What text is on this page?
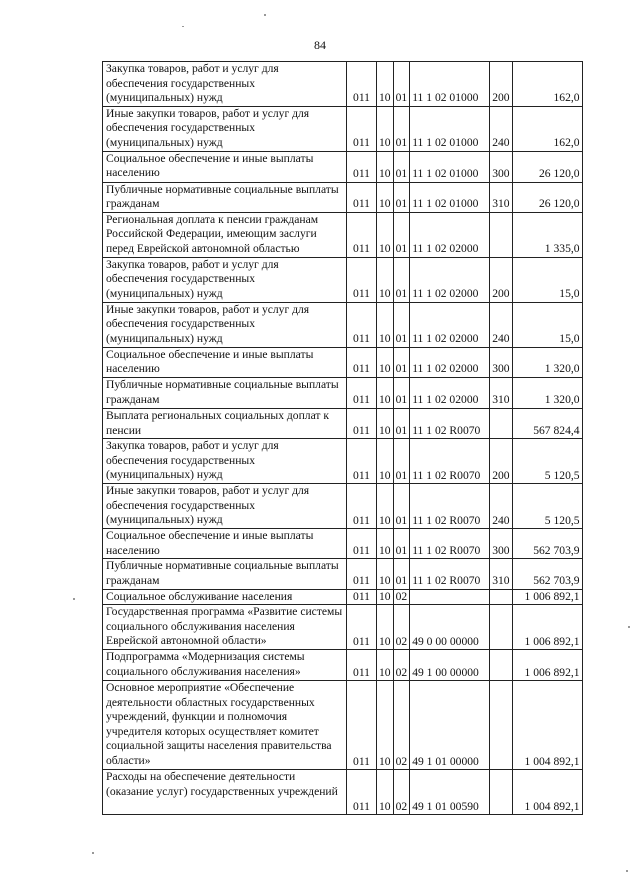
84
Закупка товаров, работ и услуг для обеспечения государственных (муниципальных) нужд	011	10	01	11 1 02 01000	200	162,0
Иные закупки товаров, работ и услуг для обеспечения государственных (муниципальных) нужд	011	10	01	11 1 02 01000	240	162,0
Социальное обеспечение и иные выплаты населению	011	10	01	11 1 02 01000	300	26 120,0
Публичные нормативные социальные выплаты гражданам	011	10	01	11 1 02 01000	310	26 120,0
Региональная доплата к пенсии гражданам Российской Федерации, имеющим заслуги перед Еврейской автономной областью	011	10	01	11 1 02 02000		1 335,0
Закупка товаров, работ и услуг для обеспечения государственных (муниципальных) нужд	011	10	01	11 1 02 02000	200	15,0
Иные закупки товаров, работ и услуг для обеспечения государственных (муниципальных) нужд	011	10	01	11 1 02 02000	240	15,0
Социальное обеспечение и иные выплаты населению	011	10	01	11 1 02 02000	300	1 320,0
Публичные нормативные социальные выплаты гражданам	011	10	01	11 1 02 02000	310	1 320,0
Выплата региональных социальных доплат к пенсии	011	10	01	11 1 02 R0070		567 824,4
Закупка товаров, работ и услуг для обеспечения государственных (муниципальных) нужд	011	10	01	11 1 02 R0070	200	5 120,5
Иные закупки товаров, работ и услуг для обеспечения государственных (муниципальных) нужд	011	10	01	11 1 02 R0070	240	5 120,5
Социальное обеспечение и иные выплаты населению	011	10	01	11 1 02 R0070	300	562 703,9
Публичные нормативные социальные выплаты гражданам	011	10	01	11 1 02 R0070	310	562 703,9
Социальное обслуживание населения	011	10	02			1 006 892,1
Государственная программа «Развитие системы социального обслуживания населения Еврейской автономной области»	011	10	02	49 0 00 00000		1 006 892,1
Подпрограмма «Модернизация системы социального обслуживания населения»	011	10	02	49 1 00 00000		1 006 892,1
Основное мероприятие «Обеспечение деятельности областных государственных учреждений, функции и полномочия учредителя которых осуществляет комитет социальной защиты населения правительства области»	011	10	02	49 1 01 00000		1 004 892,1
Расходы на обеспечение деятельности (оказание услуг) государственных учреждений	011	10	02	49 1 01 00590		1 004 892,1
